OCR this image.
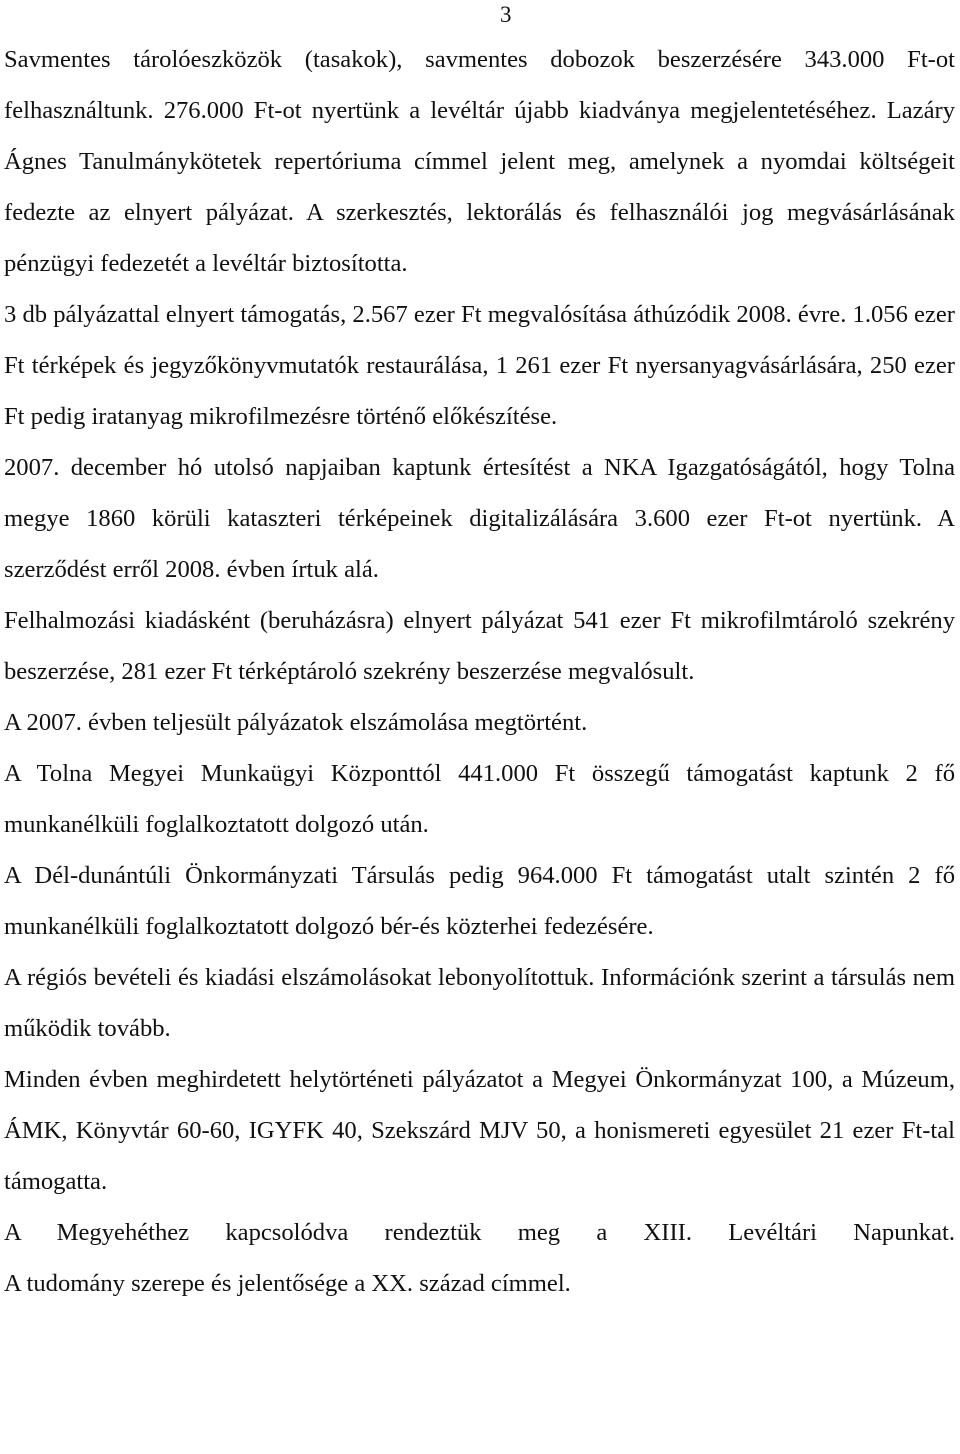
3

Savmentes tárolóeszközök (tasakok), savmentes dobozok beszerzésére 343.000 Ft-ot felhasználtunk. 276.000 Ft-ot nyertünk a levéltár újabb kiadványa megjelentetéséhez. Lazáry Ágnes Tanulmánykötetek repertóriuma címmel jelent meg, amelynek a nyomdai költségeit fedezte az elnyert pályázat. A szerkesztés, lektorálás és felhasználói jog megvásárlásának pénzügyi fedezetét a levéltár biztosította.

3 db pályázattal elnyert támogatás, 2.567 ezer Ft megvalósítása áthúzódik 2008. évre. 1.056 ezer Ft térképek és jegyzőkönyvmutatók restaurálása, 1 261 ezer Ft nyersanyagvásárlására, 250 ezer Ft pedig iratanyag mikrofilmezésre történő előkészítése.

2007. december hó utolsó napjaiban kaptunk értesítést a NKA Igazgatóságától, hogy Tolna megye 1860 körüli kataszteri térképeinek digitalizálására 3.600 ezer Ft-ot nyertünk. A szerződést erről 2008. évben írtuk alá.

Felhalmozási kiadásként (beruházásra) elnyert pályázat 541 ezer Ft mikrofilmtároló szekrény beszerzése, 281 ezer Ft térképtároló szekrény beszerzése megvalósult.

A 2007. évben teljesült pályázatok elszámolása megtörtént.

A Tolna Megyei Munkaügyi Központtól 441.000 Ft összegű támogatást kaptunk 2 fő munkanélküli foglalkoztatott dolgozó után.

A Dél-dunántúli Önkormányzati Társulás pedig 964.000 Ft támogatást utalt szintén 2 fő munkanélküli foglalkoztatott dolgozó bér-és közterhei fedezésére.

A régiós bevételi és kiadási elszámolásokat lebonyolítottuk. Információnk szerint a társulás nem működik tovább.

Minden évben meghirdetett helytörténeti pályázatot a Megyei Önkormányzat 100, a Múzeum, ÁMK, Könyvtár 60-60, IGYFK 40, Szekszárd MJV 50, a honismereti egyesület 21 ezer Ft-tal támogatta.

A Megyehéthez kapcsolódva rendeztük meg a XIII. Levéltári Napunkat.

A tudomány szerepe és jelentősége a XX. század címmel.
